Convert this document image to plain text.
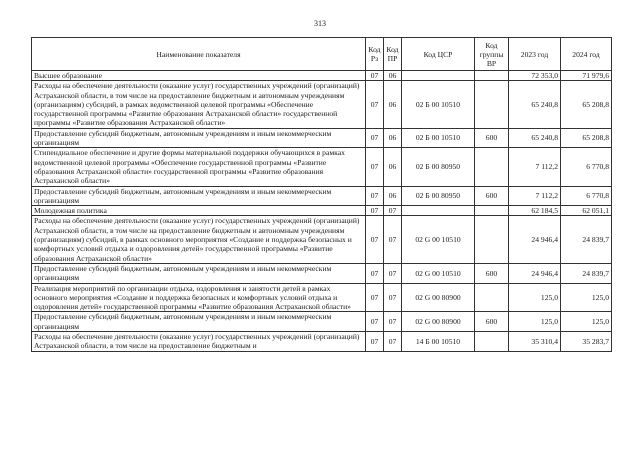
313
Наименование показателя	Код Рз	Код ПР	Код ЦСР	Код группы ВР	2023 год	2024 год
Высшее образование	07	06			72 353,0	71 979,6
Расходы на обеспечение деятельности (оказание услуг) государственных учреждений (организаций) Астраханской области, в том числе на предоставление бюджетным и автономным учреждениям (организациям) субсидий, в рамках ведомственной целевой программы «Обеспечение государственной программы «Развитие образования Астраханской области» государственной программы «Развитие образования Астраханской области»	07	06	02 Б 00 10510		65 240,8	65 208,8
Предоставление субсидий бюджетным, автономным учреждениям и иным некоммерческим организациям	07	06	02 Б 00 10510	600	65 240,8	65 208,8
Стипендиальное обеспечение и другие формы материальной поддержки обучающихся в рамках ведомственной целевой программы «Обеспечение государственной программы «Развитие образования Астраханской области» государственной программы «Развитие образования Астраханской области»	07	06	02 Б 00 80950		7 112,2	6 770,8
Предоставление субсидий бюджетным, автономным учреждениям и иным некоммерческим организациям	07	06	02 Б 00 80950	600	7 112,2	6 770,8
Молодежная политика	07	07			62 184,5	62 051,1
Расходы на обеспечение деятельности (оказание услуг) государственных учреждений (организаций) Астраханской области, в том числе на предоставление бюджетным и автономным учреждениям (организациям) субсидий, в рамках основного мероприятия «Создание и поддержка безопасных и комфортных условий отдыха и оздоровления детей» государственной программы «Развитие образования Астраханской области»	07	07	02 G 00 10510		24 946,4	24 839,7
Предоставление субсидий бюджетным, автономным учреждениям и иным некоммерческим организациям	07	07	02 G 00 10510	600	24 946,4	24 839,7
Реализация мероприятий по организации отдыха, оздоровления и занятости детей в рамках основного мероприятия «Создание и поддержка безопасных и комфортных условий отдыха и оздоровления детей» государственной программы «Развитие образования Астраханской области»	07	07	02 G 00 80900		125,0	125,0
Предоставление субсидий бюджетным, автономным учреждениям и иным некоммерческим организациям	07	07	02 G 00 80900	600	125,0	125,0
Расходы на обеспечение деятельности (оказание услуг) государственных учреждений (организаций) Астраханской области, в том числе на предоставление бюджетным и	07	07	14 Б 00 10510		35 310,4	35 283,7
